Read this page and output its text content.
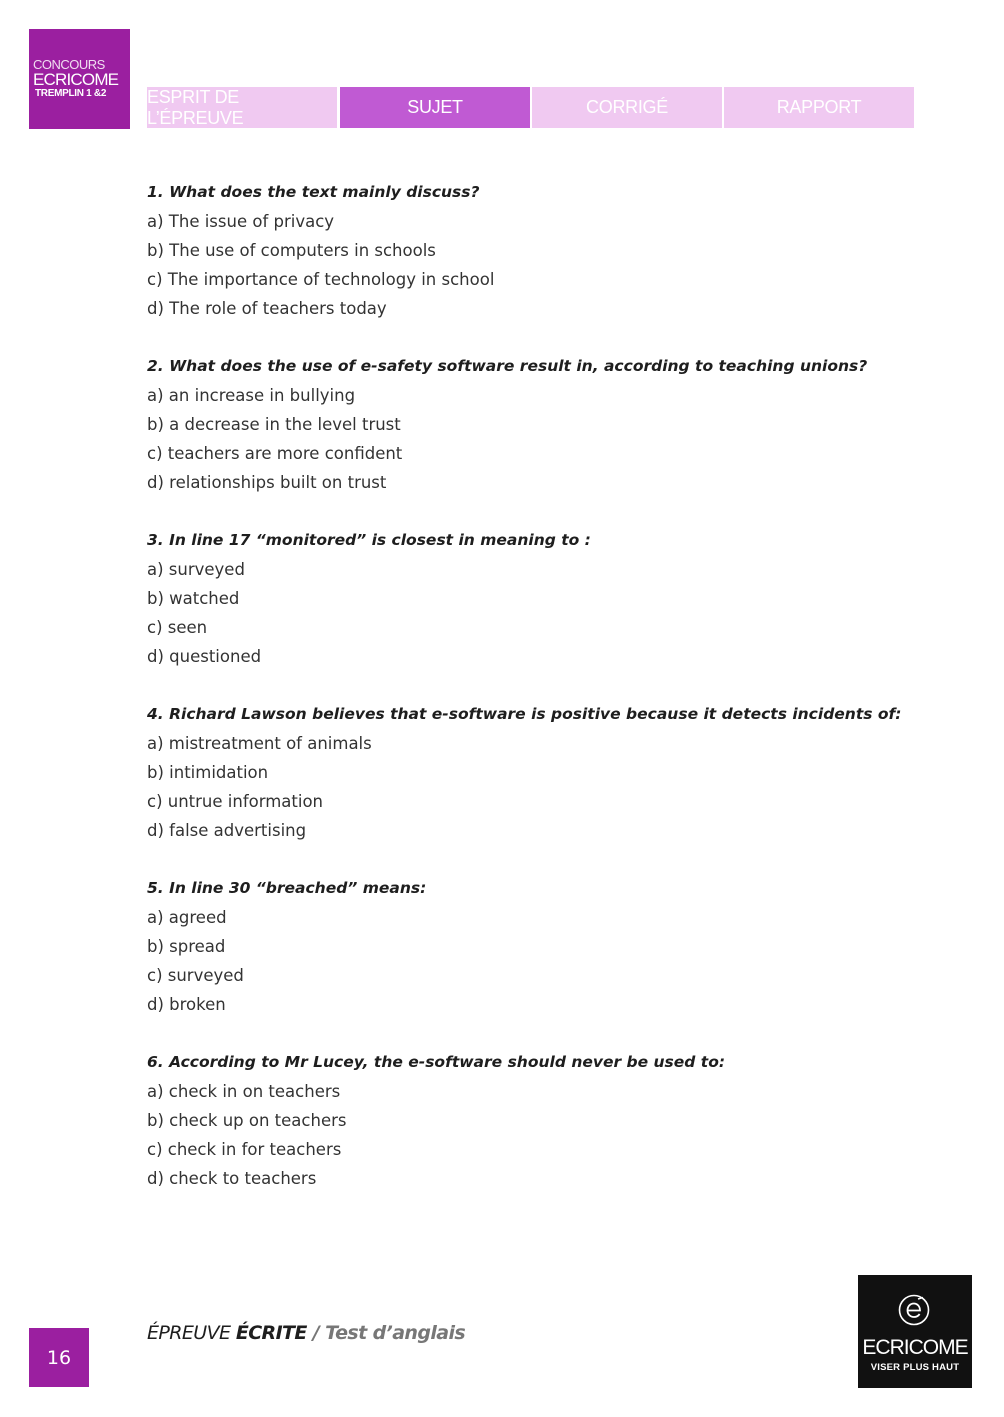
CONCOURS
ECRICOME
TREMPLIN 1 &2 ESPRIT DE L’ÉPREUVE
SUJET	CORRIGÉ	RAPPORT
1. What does the text mainly discuss?
a) The issue of privacy
b) The use of computers in schools
c) The importance of technology in school
d) The role of teachers today
2. What does the use of e-safety software result in, according to teaching unions?
a) an increase in bullying
b) a decrease in the level trust
c) teachers are more confident
d) relationships built on trust
3. In line 17 “monitored” is closest in meaning to :
a) surveyed
b) watched
c) seen
d) questioned
4. Richard Lawson believes that e-software is positive because it detects incidents of:
a) mistreatment of animals
b) intimidation
c) untrue information
d) false advertising
5. In line 30 “breached” means:
a) agreed
b) spread
c) surveyed
d) broken
6. According to Mr Lucey, the e-software should never be used to:
a) check in on teachers
b) check up on teachers
c) check in for teachers
d) check to teachers
16
ÉPREUVE ÉCRITE / Test d’anglais
ECRICOME
VISER PLUS HAUT
